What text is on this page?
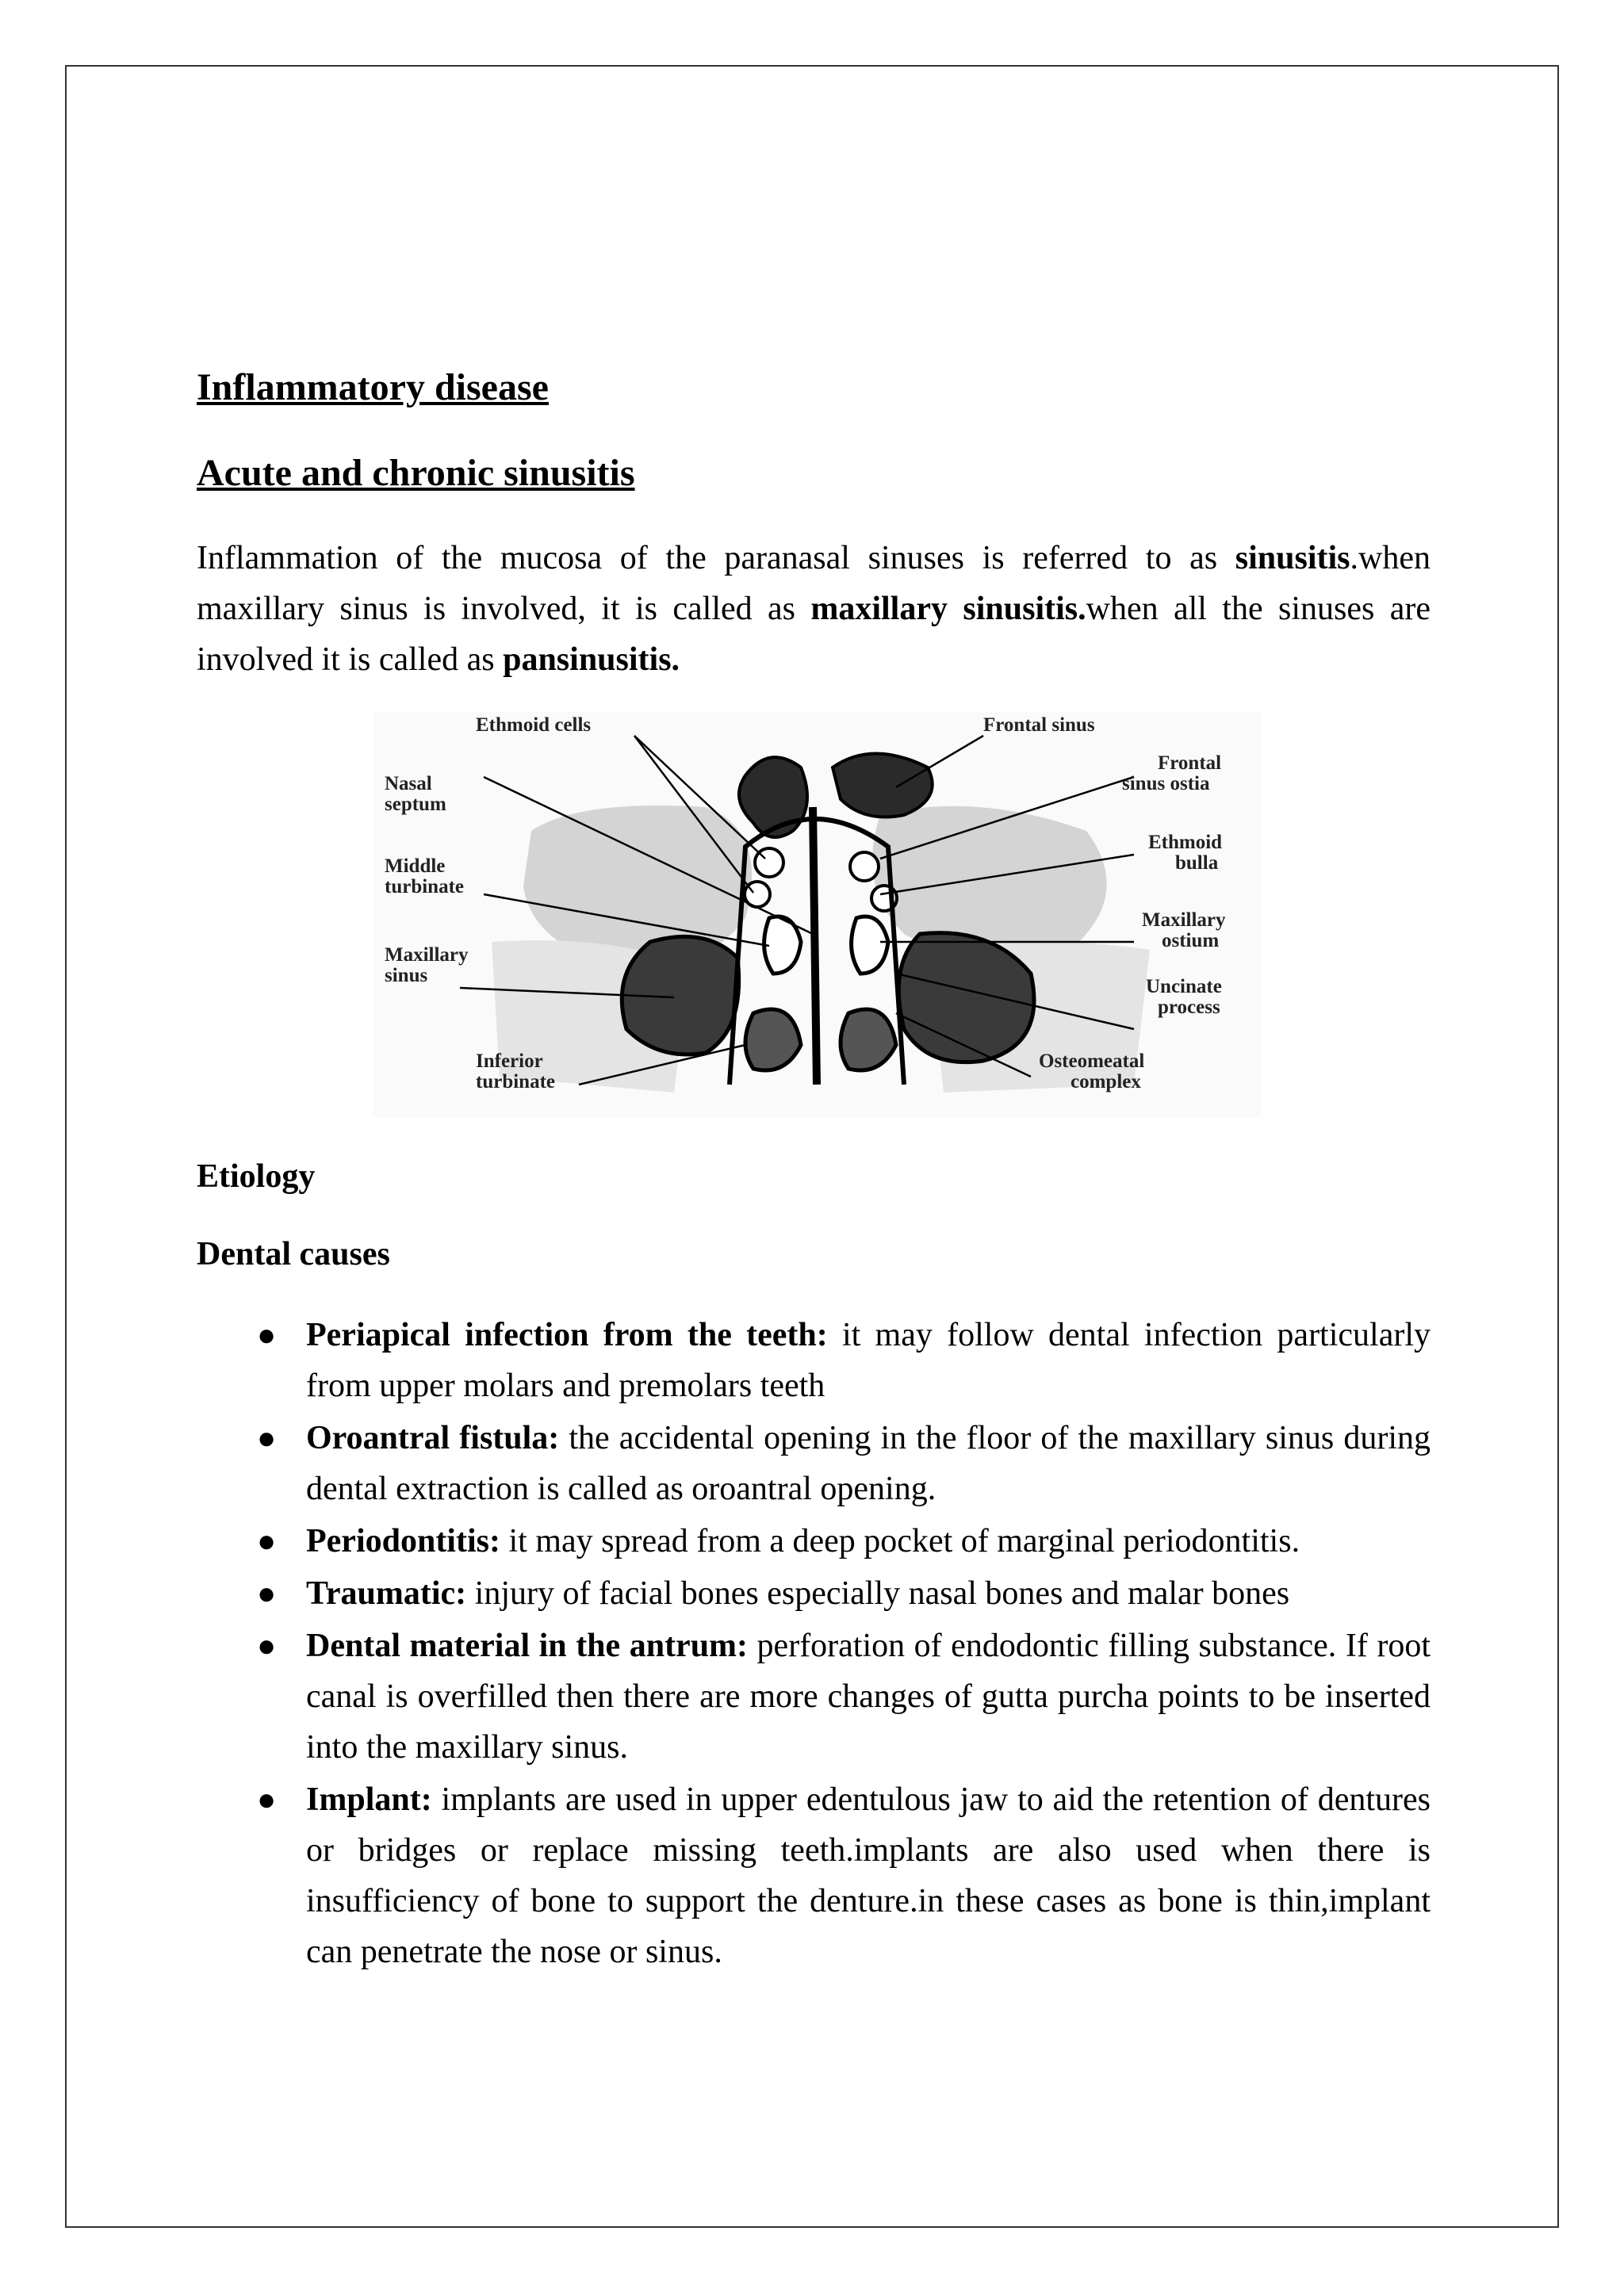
Inflammatory disease
Acute and chronic sinusitis

Inflammation of the mucosa of the paranasal sinuses is referred to as sinusitis.when maxillary sinus is involved, it is called as maxillary sinusitis.when all the sinuses are involved it is called as pansinusitis.

Ethmoid cells	Frontal sinus
Nasal
septum
Frontal
sinus ostia
Ethmoid
bulla
Middle
turbinate
Maxillary
ostium
Maxillary
sinus
Uncinate
process
Inferior
turbinate
Osteomeatal
complex

Etiology

Dental causes

● Periapical infection from the teeth: it may follow dental infection particularly from upper molars and premolars teeth
● Oroantral fistula: the accidental opening in the floor of the maxillary sinus during dental extraction is called as oroantral opening.
● Periodontitis: it may spread from a deep pocket of marginal periodontitis.
● Traumatic: injury of facial bones especially nasal bones and malar bones
● Dental material in the antrum: perforation of endodontic filling substance. If root canal is overfilled then there are more changes of gutta purcha points to be inserted into the maxillary sinus.
● Implant: implants are used in upper edentulous jaw to aid the retention of dentures or bridges or replace missing teeth.implants are also used when there is insufficiency of bone to support the denture.in these cases as bone is thin,implant can penetrate the nose or sinus.
